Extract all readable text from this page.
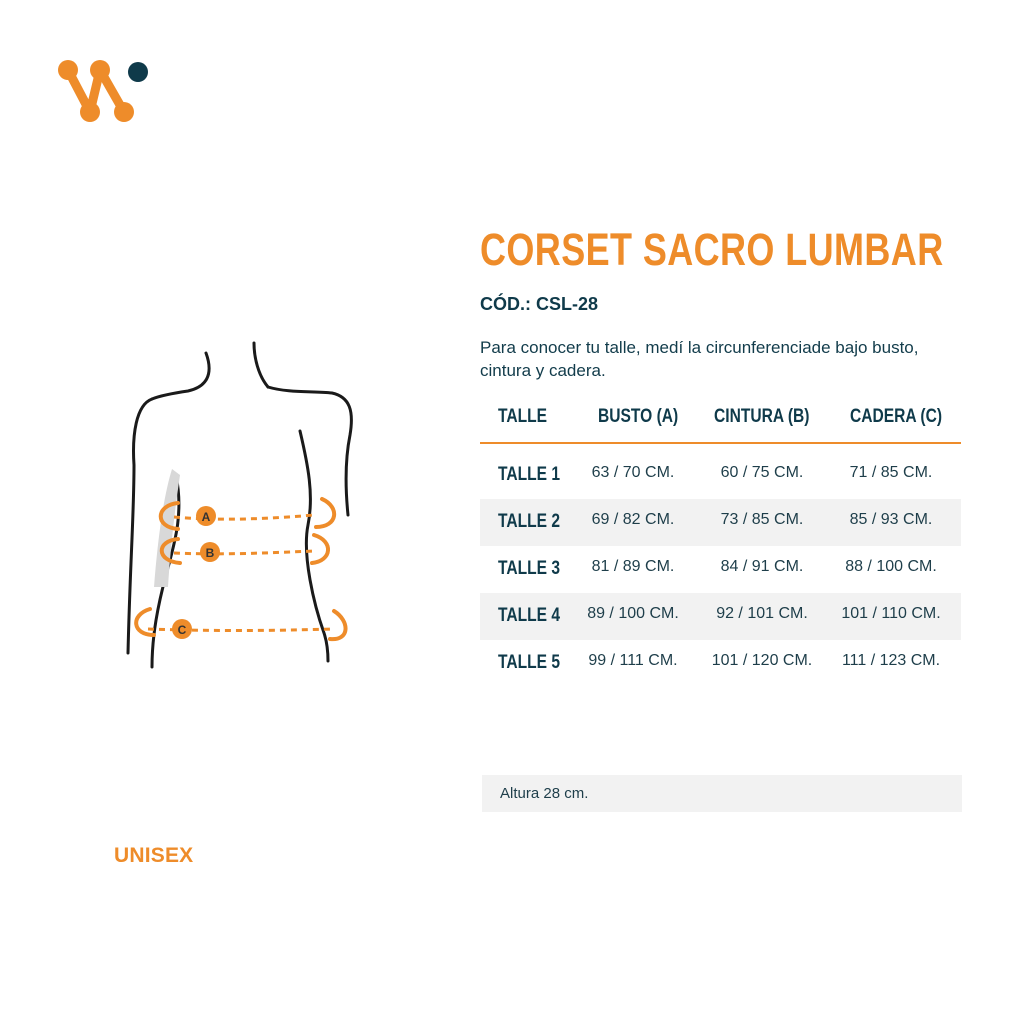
A
B
C
UNISEX
CORSET SACRO LUMBAR
CÓD.: CSL-28
Para conocer tu talle, medí la circunferenciade bajo busto, cintura y cadera.
TALLE	BUSTO (A) CINTURA (B) CADERA (C)
TALLE 1	63 / 70 CM.	60 / 75 CM.	71 / 85 CM.
TALLE 2	69 / 82 CM.	73 / 85 CM.	85 / 93 CM.
TALLE 3	81 / 89 CM.	84 / 91 CM.	88 / 100 CM.
TALLE 4	89 / 100 CM.	92 / 101 CM.	101 / 110 CM.
TALLE 5	99 / 111 CM.	101 / 120 CM.	111 / 123 CM.
Altura 28 cm.
